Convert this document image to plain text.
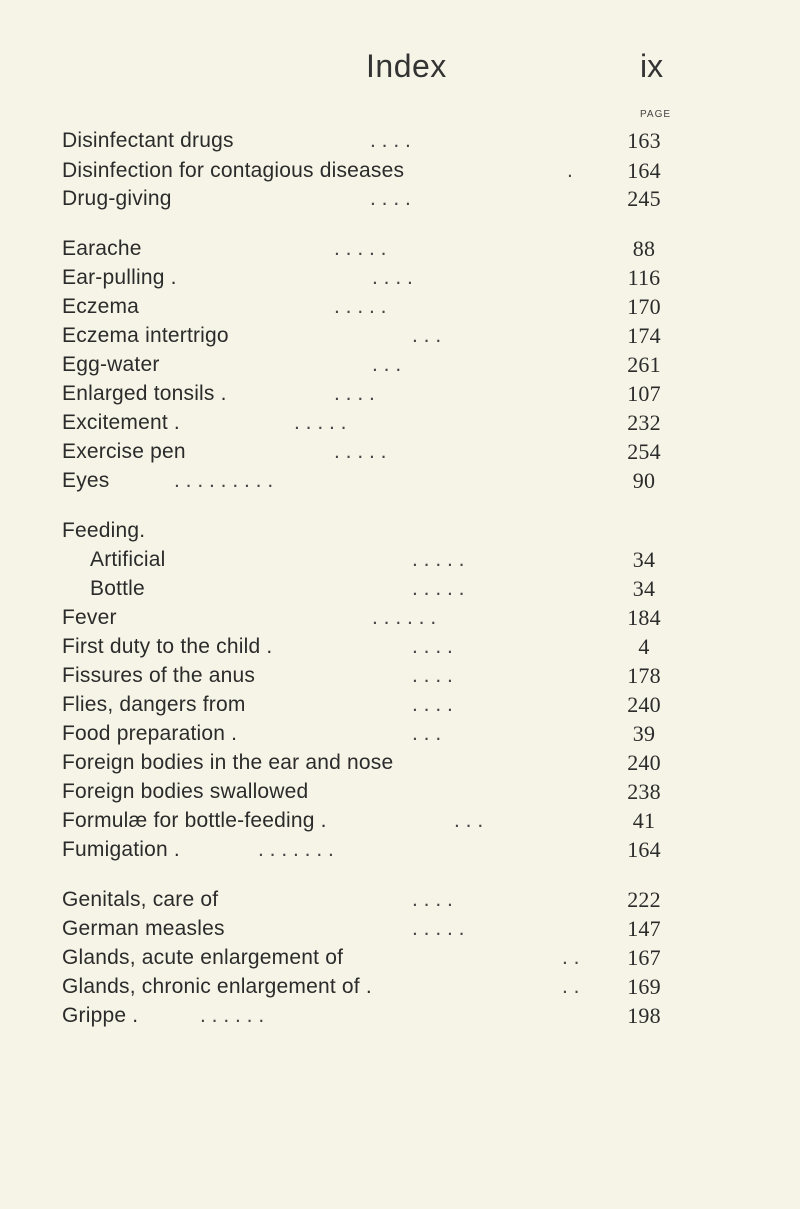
Index	ix
PAGE
Disinfectant drugs	. . . .	163
Disinfection for contagious diseases	.	164
Drug-giving	. . . .	245
Earache	. . . . .	88
Ear-pulling .	. . . .	116
Eczema	. . . . .	170
Eczema intertrigo	. . .	174
Egg-water	. . .	261
Enlarged tonsils .	. . . .	107
Excitement .	. . . . .	232
Exercise pen	. . . . .	254
Eyes	. . . . . . . . .	90
Feeding.
Artificial	. . . . .	34
Bottle	. . . . .	34
Fever	. . . . . .	184
First duty to the child .	. . . .	4
Fissures of the anus	. . . .	178
Flies, dangers from	. . . .	240
Food preparation .	. . .	39
Foreign bodies in the ear and nose	240
Foreign bodies swallowed	238
Formulæ for bottle-feeding .	. . .	41
Fumigation .	. . . . . . .	164
Genitals, care of	. . . .	222
German measles	. . . . .	147
Glands, acute enlargement of	. .	167
Glands, chronic enlargement of .	. .	169
Grippe .	. . . . . .	198
